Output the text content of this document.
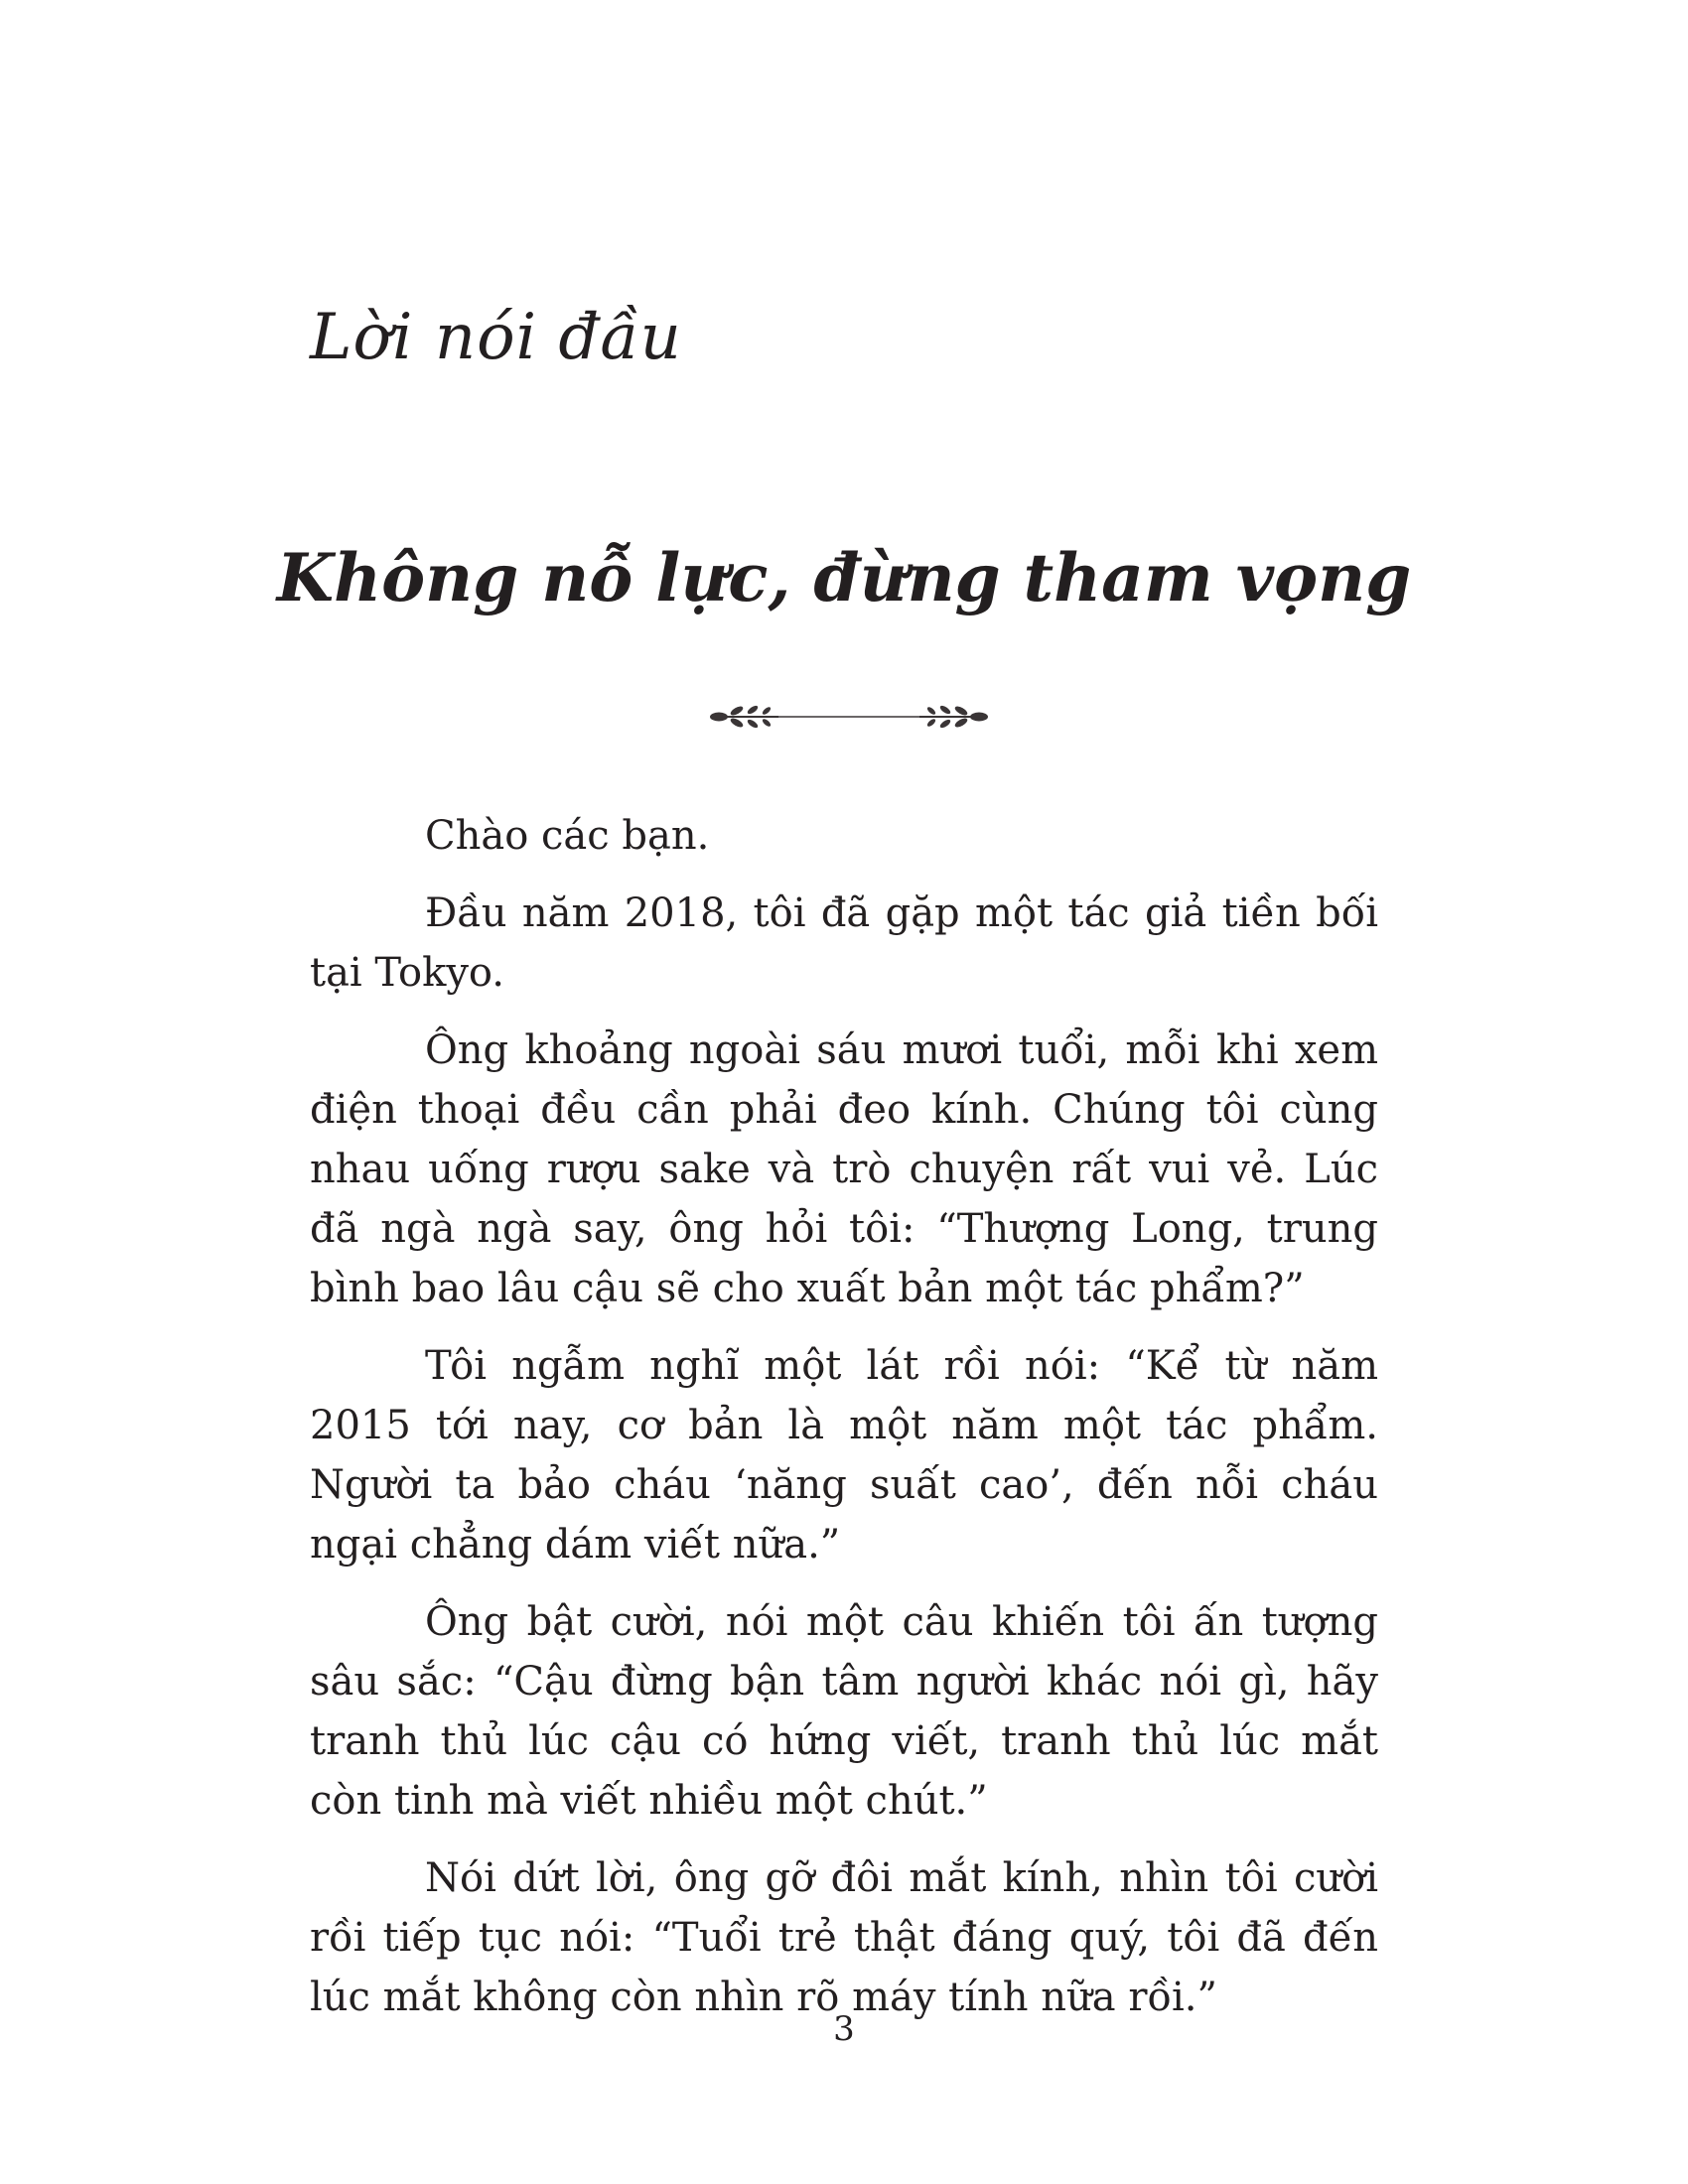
Lời nói đầu
Không nỗ lực, đừng tham vọng

Chào các bạn.

Đầu năm 2018, tôi đã gặp một tác giả tiền bối tại Tokyo.

Ông khoảng ngoài sáu mươi tuổi, mỗi khi xem điện thoại đều cần phải đeo kính. Chúng tôi cùng nhau uống rượu sake và trò chuyện rất vui vẻ. Lúc đã ngà ngà say, ông hỏi tôi: “Thượng Long, trung bình bao lâu cậu sẽ cho xuất bản một tác phẩm?”

Tôi ngẫm nghĩ một lát rồi nói: “Kể từ năm 2015 tới nay, cơ bản là một năm một tác phẩm. Người ta bảo cháu ‘năng suất cao’, đến nỗi cháu ngại chẳng dám viết nữa.”

Ông bật cười, nói một câu khiến tôi ấn tượng sâu sắc: “Cậu đừng bận tâm người khác nói gì, hãy tranh thủ lúc cậu có hứng viết, tranh thủ lúc mắt còn tinh mà viết nhiều một chút.”

Nói dứt lời, ông gỡ đôi mắt kính, nhìn tôi cười rồi tiếp tục nói: “Tuổi trẻ thật đáng quý, tôi đã đến lúc mắt không còn nhìn rõ máy tính nữa rồi.”

3
